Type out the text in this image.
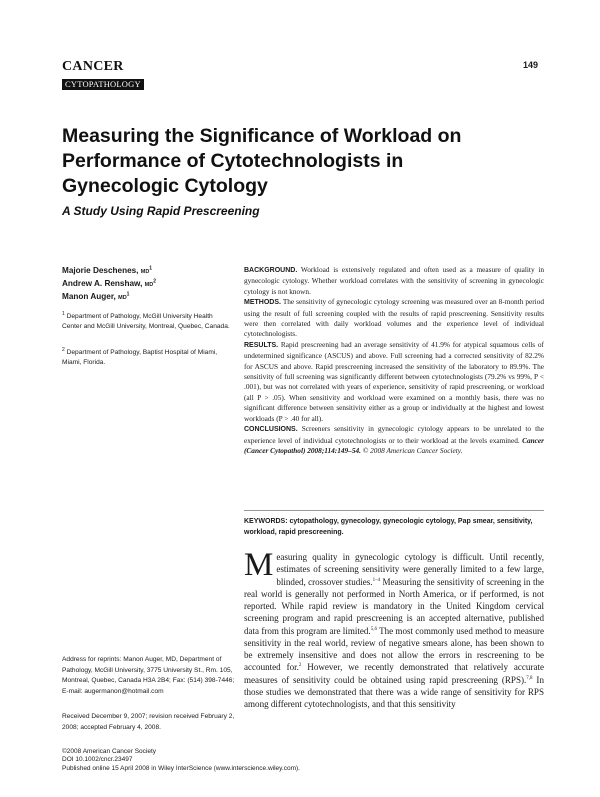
CANCER
CYTOPATHOLOGY
149
Measuring the Significance of Workload on Performance of Cytotechnologists in Gynecologic Cytology
A Study Using Rapid Prescreening
Majorie Deschenes, $MD^1$
Andrew A. Renshaw, $MD^2$
Manon Auger, $MD^1$
$^1$ Department of Pathology, McGill University Health Center and McGill University, Montreal, Quebec, Canada.
$^2$ Department of Pathology, Baptist Hospital of Miami, Miami, Florida.
Address for reprints: Manon Auger, MD, Department of Pathology, McGill University, 3775 University St., Rm. 105, Montreal, Quebec, Canada H3A 2B4; Fax: (514) 398-7446; E-mail: augermanon@hotmail.com
Received December 9, 2007; revision received February 2, 2008; accepted February 4, 2008.
©2008 American Cancer Society
DOI 10.1002/cncr.23497
Published online 15 April 2008 in Wiley InterScience (www.interscience.wiley.com).

BACKGROUND. Workload is extensively regulated and often used as a measure of quality in gynecologic cytology. Whether workload correlates with the sensitivity of screening in gynecologic cytology is not known.

METHODS. The sensitivity of gynecologic cytology screening was measured over an 8-month period using the result of full screening coupled with the results of rapid prescreening. Sensitivity results were then correlated with daily workload volumes and the experience level of individual cytotechnologists.

RESULTS. Rapid prescreening had an average sensitivity of 41.9% for atypical squamous cells of undetermined significance (ASCUS) and above. Full screening had a corrected sensitivity of 82.2% for ASCUS and above. Rapid prescreening increased the sensitivity of the laboratory to 89.9%. The sensitivity of full screening was significantly different between cytotechnologists (79.2% vs 99%, P < .001), but was not correlated with years of experience, sensitivity of rapid prescreening, or workload (all P > .05). When sensitivity and workload were examined on a monthly basis, there was no significant difference between sensitivity either as a group or individually at the highest and lowest workloads (P > .40 for all).

CONCLUSIONS. Screeners sensitivity in gynecologic cytology appears to be unrelated to the experience level of individual cytotechnologists or to their workload at the levels examined. Cancer (Cancer Cytopathol) 2008;114:149–54. © 2008 American Cancer Society.

KEYWORDS: cytopathology, gynecology, gynecologic cytology, Pap smear, sensitivity, workload, rapid prescreening.
Measuring quality in gynecologic cytology is difficult. Until recently, estimates of screening sensitivity were generally limited to a few large, blinded, crossover studies.$^{1-4}$ Measuring the sensitivity of screening in the real world is generally not performed in North America, or if performed, is not reported. While rapid review is mandatory in the United Kingdom cervical screening program and rapid prescreening is an accepted alternative, published data from this program are limited.$^{5,6}$ The most commonly used method to measure sensitivity in the real world, review of negative smears alone, has been shown to be extremely insensitive and does not allow the errors in rescreening to be accounted for.$^2$ However, we recently demonstrated that relatively accurate measures of sensitivity could be obtained using rapid prescreening (RPS).$^{7,8}$ In those studies we demonstrated that there was a wide range of sensitivity for RPS among different cytotechnologists, and that this sensitivity
